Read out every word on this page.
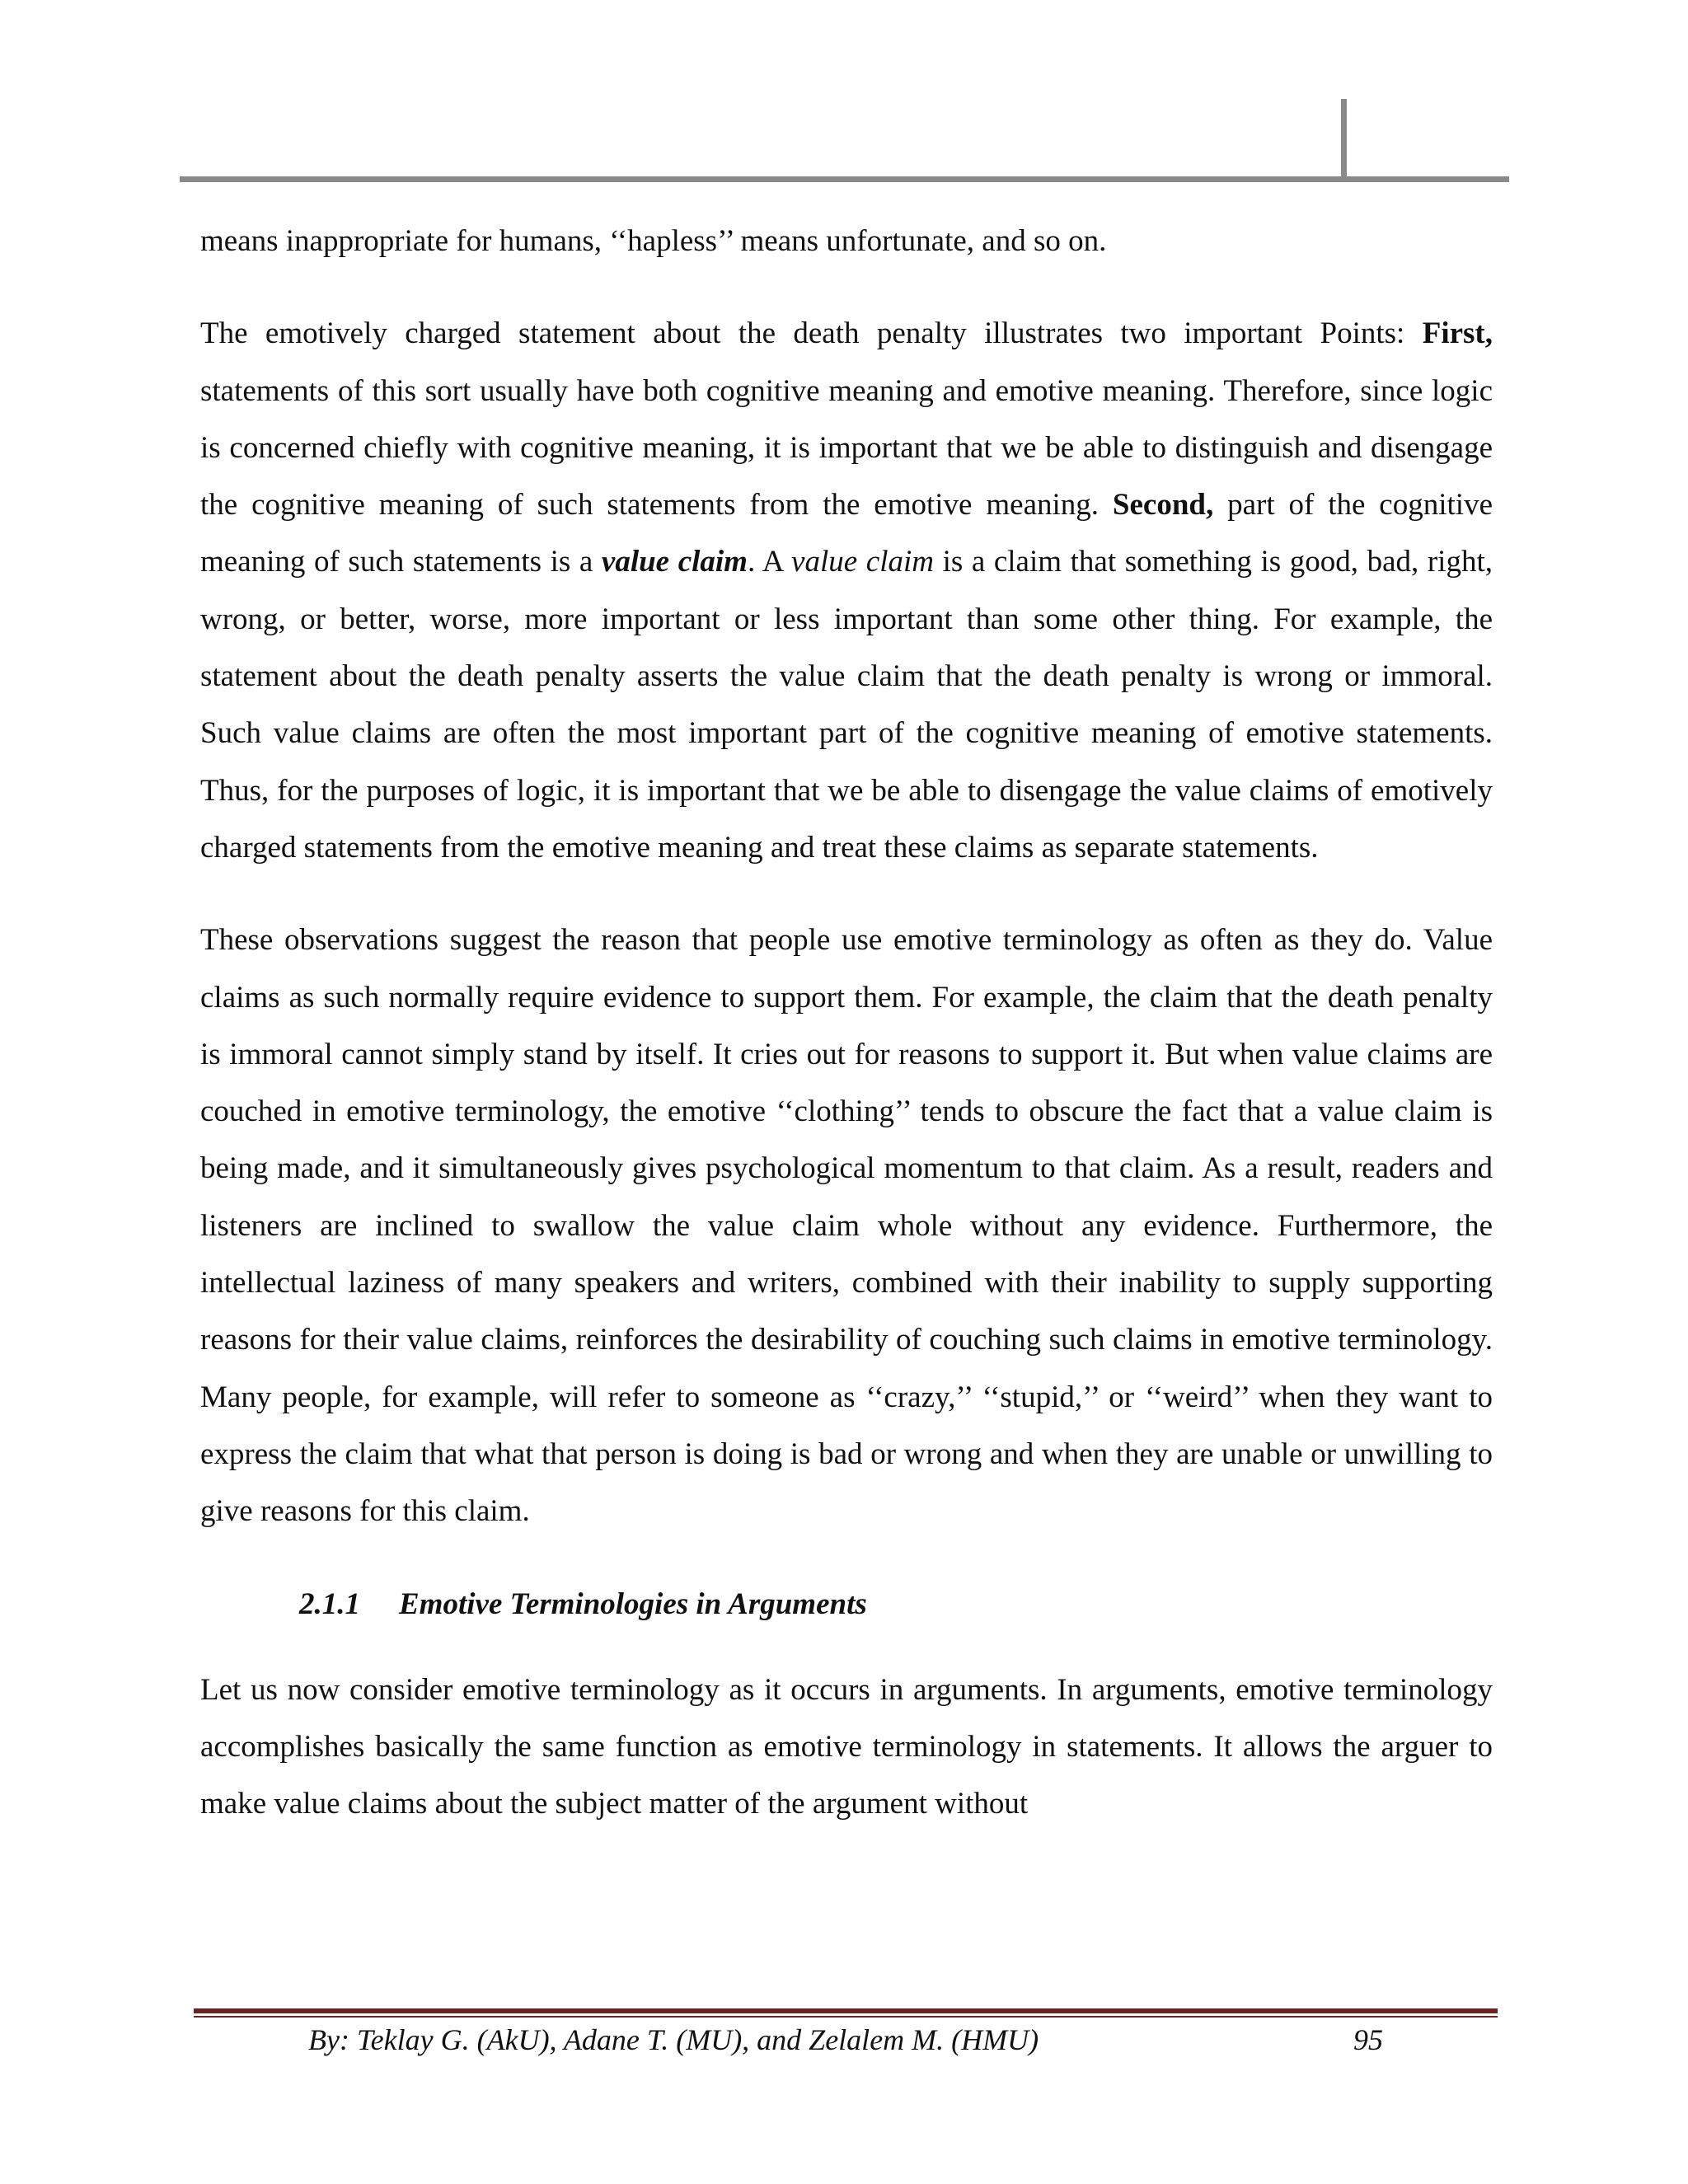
means inappropriate for humans, ‘‘hapless’’ means unfortunate, and so on.

The emotively charged statement about the death penalty illustrates two important Points: First, statements of this sort usually have both cognitive meaning and emotive meaning. Therefore, since logic is concerned chiefly with cognitive meaning, it is important that we be able to distinguish and disengage the cognitive meaning of such statements from the emotive meaning. Second, part of the cognitive meaning of such statements is a value claim. A value claim is a claim that something is good, bad, right, wrong, or better, worse, more important or less important than some other thing. For example, the statement about the death penalty asserts the value claim that the death penalty is wrong or immoral. Such value claims are often the most important part of the cognitive meaning of emotive statements. Thus, for the purposes of logic, it is important that we be able to disengage the value claims of emotively charged statements from the emotive meaning and treat these claims as separate statements.

These observations suggest the reason that people use emotive terminology as often as they do. Value claims as such normally require evidence to support them. For example, the claim that the death penalty is immoral cannot simply stand by itself. It cries out for reasons to support it. But when value claims are couched in emotive terminology, the emotive ‘‘clothing’’ tends to obscure the fact that a value claim is being made, and it simultaneously gives psychological momentum to that claim. As a result, readers and listeners are inclined to swallow the value claim whole without any evidence. Furthermore, the intellectual laziness of many speakers and writers, combined with their inability to supply supporting reasons for their value claims, reinforces the desirability of couching such claims in emotive terminology. Many people, for example, will refer to someone as ‘‘crazy,’’ ‘‘stupid,’’ or ‘‘weird’’ when they want to express the claim that what that person is doing is bad or wrong and when they are unable or unwilling to give reasons for this claim.

2.1.1 Emotive Terminologies in Arguments

Let us now consider emotive terminology as it occurs in arguments. In arguments, emotive terminology accomplishes basically the same function as emotive terminology in statements. It allows the arguer to make value claims about the subject matter of the argument without

By: Teklay G. (AkU), Adane T. (MU), and Zelalem M. (HMU)	95
